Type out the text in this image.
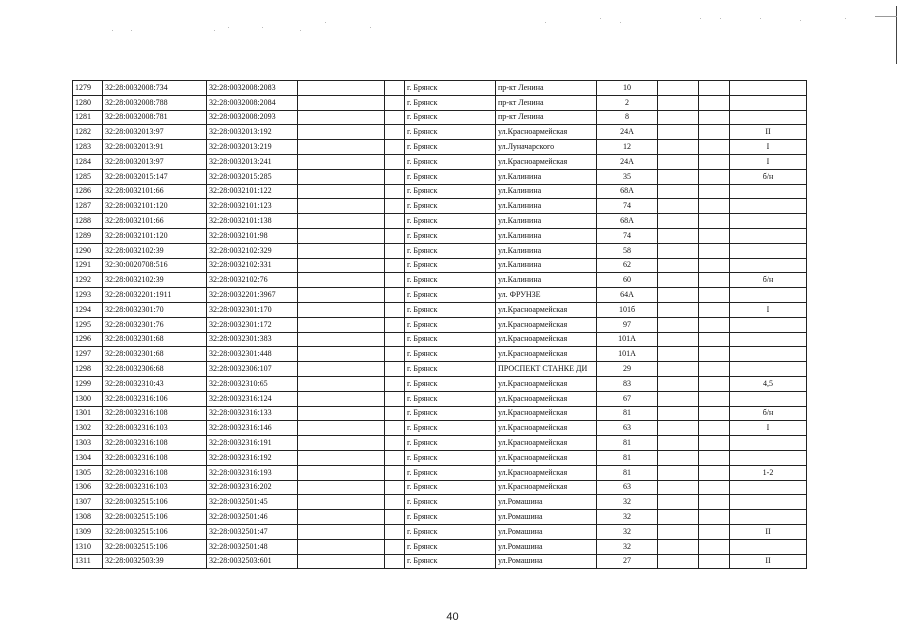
1279	32:28:0032008:734	32:28:0032008:2083			г. Брянск	пр-кт Ленина	10			
1280	32:28:0032008:788	32:28:0032008:2084			г. Брянск	пр-кт Ленина	2			
1281	32:28:0032008:781	32:28:0032008:2093			г. Брянск	пр-кт Ленина	8			
1282	32:28:0032013:97	32:28:0032013:192			г. Брянск	ул.Красноармейская	24А			II
1283	32:28:0032013:91	32:28:0032013:219			г. Брянск	ул.Луначарского	12			I
1284	32:28:0032013:97	32:28:0032013:241			г. Брянск	ул.Красноармейская	24А			I
1285	32:28:0032015:147	32:28:0032015:285			г. Брянск	ул.Калинина	35			б/н
1286	32:28:0032101:66	32:28:0032101:122			г. Брянск	ул.Калинина	68А			
1287	32:28:0032101:120	32:28:0032101:123			г. Брянск	ул.Калинина	74			
1288	32:28:0032101:66	32:28:0032101:138			г. Брянск	ул.Калинина	68А			
1289	32:28:0032101:120	32:28:0032101:98			г. Брянск	ул.Калинина	74			
1290	32:28:0032102:39	32:28:0032102:329			г. Брянск	ул.Калинина	58			
1291	32:30:0020708:516	32:28:0032102:331			г. Брянск	ул.Калинина	62			
1292	32:28:0032102:39	32:28:0032102:76			г. Брянск	ул.Калинина	60			б/н
1293	32:28:0032201:1911	32:28:0032201:3967			г. Брянск	ул. ФРУНЗЕ	64А			
1294	32:28:0032301:70	32:28:0032301:170			г. Брянск	ул.Красноармейская	101б			I
1295	32:28:0032301:76	32:28:0032301:172			г. Брянск	ул.Красноармейская	97			
1296	32:28:0032301:68	32:28:0032301:383			г. Брянск	ул.Красноармейская	101А			
1297	32:28:0032301:68	32:28:0032301:448			г. Брянск	ул.Красноармейская	101А			
1298	32:28:0032306:68	32:28:0032306:107			г. Брянск	ПРОСПЕКТ СТАНКЕ ДИ	29			
1299	32:28:0032310:43	32:28:0032310:65			г. Брянск	ул.Красноармейская	83			4,5
1300	32:28:0032316:106	32:28:0032316:124			г. Брянск	ул.Красноармейская	67			
1301	32:28:0032316:108	32:28:0032316:133			г. Брянск	ул.Красноармейская	81			б/н
1302	32:28:0032316:103	32:28:0032316:146			г. Брянск	ул.Красноармейская	63			I
1303	32:28:0032316:108	32:28:0032316:191			г. Брянск	ул.Красноармейская	81			
1304	32:28:0032316:108	32:28:0032316:192			г. Брянск	ул.Красноармейская	81			
1305	32:28:0032316:108	32:28:0032316:193			г. Брянск	ул.Красноармейская	81			1-2
1306	32:28:0032316:103	32:28:0032316:202			г. Брянск	ул.Красноармейская	63			
1307	32:28:0032515:106	32:28:0032501:45			г. Брянск	ул.Ромашина	32			
1308	32:28:0032515:106	32:28:0032501:46			г. Брянск	ул.Ромашина	32			
1309	32:28:0032515:106	32:28:0032501:47			г. Брянск	ул.Ромашина	32			II
1310	32:28:0032515:106	32:28:0032501:48			г. Брянск	ул.Ромашина	32			
1311	32:28:0032503:39	32:28:0032503:601			г. Брянск	ул.Ромашина	27			II
40
